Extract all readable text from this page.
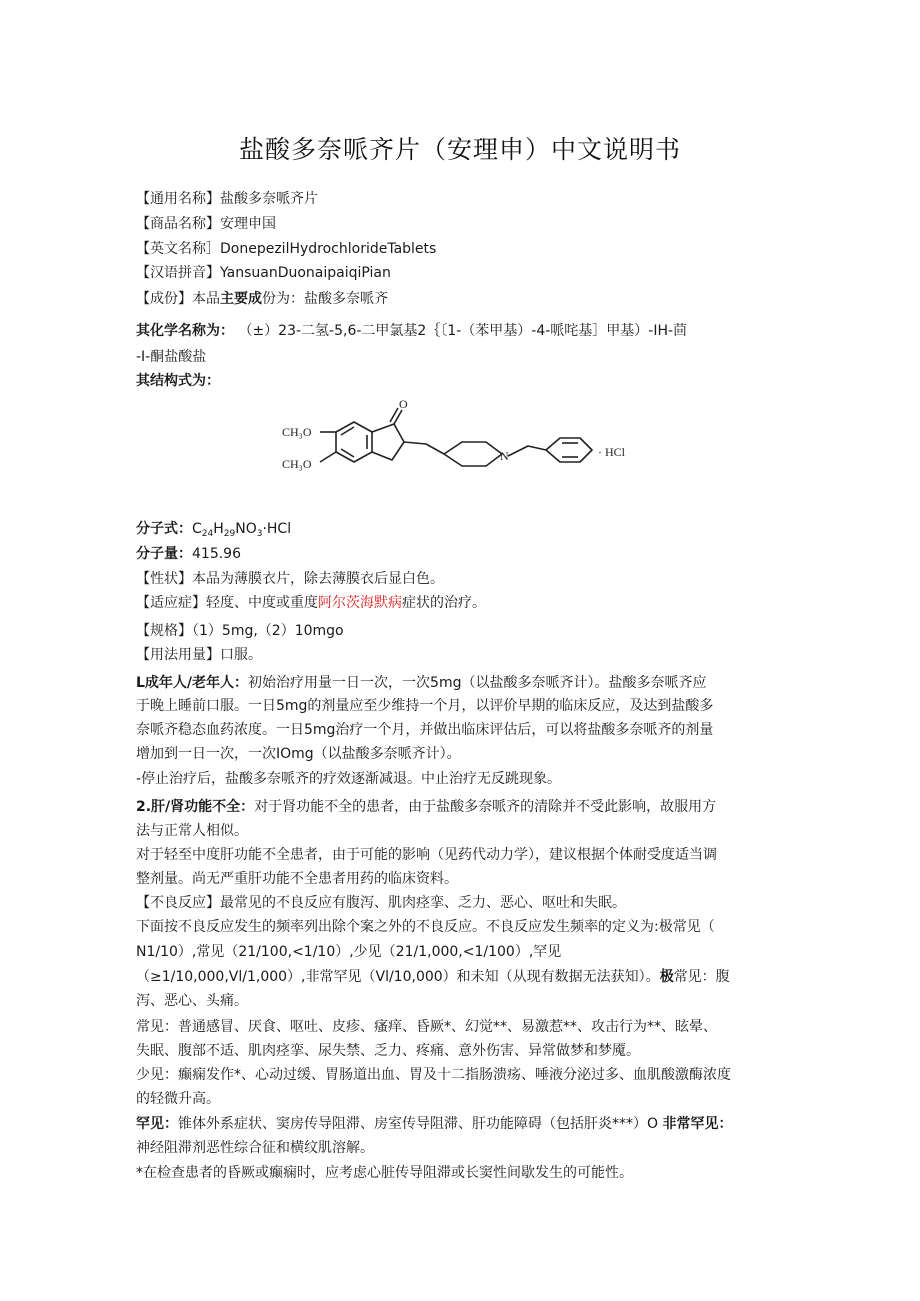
盐酸多奈哌齐片（安理申）中文说明书
【通用名称】盐酸多奈哌齐片
【商品名称】安理申国
【英文名称］DonepezilHydrochlorideTablets
【汉语拼音】YansuanDuonaipaiqiPian
【成份】本品主要成份为：盐酸多奈哌齐
其化学名称为： （±）23-二氢-5,6-二甲氯基2｛〔1-（苯甲基）-4-哌咤基］甲基）-IH-茴
-I-酮盐酸盐
其结构式为：
CH₃O
CH₃O
O
N	· HCl
分子式：$C_{24}H_{29}NO_3\cdot HCl$
分子量：415.96
【性状】本品为薄膜衣片，除去薄膜衣后显白色。
【适应症】轻度、中度或重度阿尔茨海默病症状的治疗。
【规格】（1）5mg,（2）10mgo
【用法用量】口服。
L成年人/老年人：初始治疗用量一日一次，一次5mg（以盐酸多奈哌齐计）。盐酸多奈哌齐应
于晚上睡前口服。一日5mg的剂量应至少维持一个月，以评价早期的临床反应，及达到盐酸多
奈哌齐稳态血药浓度。一日5mg治疗一个月，并做出临床评估后，可以将盐酸多奈哌齐的剂量
增加到一日一次，一次IOmg（以盐酸多奈哌齐计）。
-停止治疗后，盐酸多奈哌齐的疗效逐渐减退。中止治疗无反跳现象。
2.肝/肾功能不全：对于肾功能不全的患者，由于盐酸多奈哌齐的清除并不受此影响，故服用方
法与正常人相似。
对于轻至中度肝功能不全患者，由于可能的影响（见药代动力学），建议根据个体耐受度适当调
整剂量。尚无严重肝功能不全患者用药的临床资料。
【不良反应】最常见的不良反应有腹泻、肌肉痉挛、乏力、恶心、呕吐和失眠。
下面按不良反应发生的频率列出除个案之外的不良反应。不良反应发生频率的定义为:极常见（
N1/10）,常见（21/100,<1/10）,少见（21/1,000,<1/100）,罕见
（≥1/10,000,Vl/1,000）,非常罕见（Vl/10,000）和未知（从现有数据无法获知）。极常见：腹
泻、恶心、头痛。
常见：普通感冒、厌食、呕吐、皮疹、瘙痒、昏厥*、幻觉**、易激惹**、攻击行为**、眩晕、
失眠、腹部不适、肌肉痉挛、尿失禁、乏力、疼痛、意外伤害、异常做梦和梦魇。
少见：癫痫发作*、心动过缓、胃肠道出血、胃及十二指肠溃疡、唾液分泌过多、血肌酸激酶浓度
的轻微升高。
罕见：锥体外系症状、窦房传导阻滞、房室传导阻滞、肝功能障碍（包括肝炎***）O 非常罕见：
神经阻滞剂恶性综合征和横纹肌溶解。
*在检查患者的昏厥或癫痫时，应考虑心脏传导阻滞或长窦性间歇发生的可能性。
